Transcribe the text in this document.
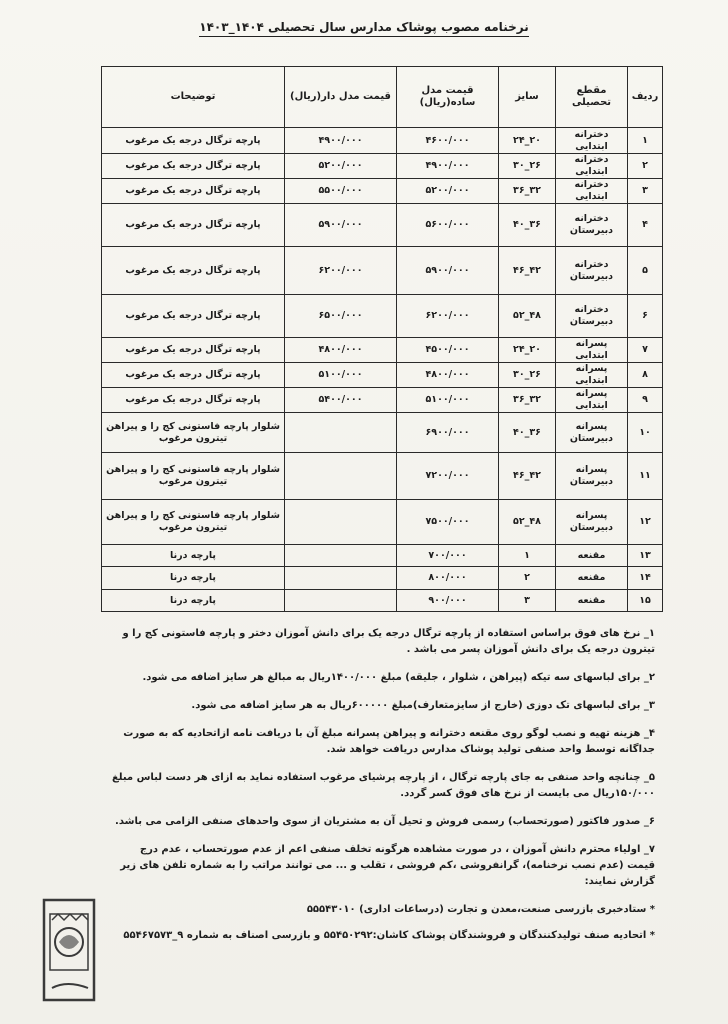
نرخنامه مصوب پوشاک مدارس سال تحصیلی ۱۴۰۴_۱۴۰۳
ردیف	مقطع تحصیلی	سایز	قیمت مدل ساده(ریال)	قیمت مدل دار(ریال)	توضیحات
۱	دخترانه ابتدایی	۲۰_۲۴	۴۶۰۰/۰۰۰	۴۹۰۰/۰۰۰	پارچه ترگال درجه یک مرغوب
۲	دخترانه ابتدایی	۲۶_۳۰	۴۹۰۰/۰۰۰	۵۲۰۰/۰۰۰	پارچه ترگال درجه یک مرغوب
۳	دخترانه ابتدایی	۳۲_۳۶	۵۲۰۰/۰۰۰	۵۵۰۰/۰۰۰	پارچه ترگال درجه یک مرغوب
۴	دخترانه دبیرستان	۳۶_۴۰	۵۶۰۰/۰۰۰	۵۹۰۰/۰۰۰	پارچه ترگال درجه یک مرغوب
۵	دخترانه دبیرستان	۴۲_۴۶	۵۹۰۰/۰۰۰	۶۲۰۰/۰۰۰	پارچه ترگال درجه یک مرغوب
۶	دخترانه دبیرستان	۴۸_۵۲	۶۲۰۰/۰۰۰	۶۵۰۰/۰۰۰	پارچه ترگال درجه یک مرغوب
۷	پسرانه ابتدایی	۲۰_۲۴	۴۵۰۰/۰۰۰	۴۸۰۰/۰۰۰	پارچه ترگال درجه یک مرغوب
۸	پسرانه ابتدایی	۲۶_۳۰	۴۸۰۰/۰۰۰	۵۱۰۰/۰۰۰	پارچه ترگال درجه یک مرغوب
۹	پسرانه ابتدایی	۳۲_۳۶	۵۱۰۰/۰۰۰	۵۴۰۰/۰۰۰	پارچه ترگال درجه یک مرغوب
۱۰	پسرانه دبیرستان	۳۶_۴۰	۶۹۰۰/۰۰۰		شلوار پارچه فاستونی کج را و پیراهن تیترون مرغوب
۱۱	پسرانه دبیرستان	۴۲_۴۶	۷۲۰۰/۰۰۰		شلوار پارچه فاستونی کج را و پیراهن تیترون مرغوب
۱۲	پسرانه دبیرستان	۴۸_۵۲	۷۵۰۰/۰۰۰		شلوار پارچه فاستونی کج را و پیراهن تیترون مرغوب
۱۳	مقنعه	۱	۷۰۰/۰۰۰		پارچه درنا
۱۴	مقنعه	۲	۸۰۰/۰۰۰		پارچه درنا
۱۵	مقنعه	۳	۹۰۰/۰۰۰		پارچه درنا

۱_ نرخ های فوق براساس استفاده از پارچه ترگال درجه یک برای دانش آموزان دختر و پارچه فاستونی کج را و تیترون درجه یک برای دانش آموزان پسر می باشد .

۲_ برای لباسهای سه تیکه (پیراهن ، شلوار ، جلیقه) مبلغ ۱۴۰۰/۰۰۰ریال به مبالغ هر سایز اضافه می شود.

۳_ برای لباسهای تک دوزی (خارج از سایزمتعارف)مبلغ ۶۰۰۰۰۰ریال به هر سایز اضافه می شود.

۴_ هزینه تهیه و نصب لوگو روی مقنعه دخترانه و پیراهن پسرانه مبلغ آن با دریافت نامه ازاتحادیه که به صورت جداگانه توسط واحد صنفی تولید پوشاک مدارس دریافت خواهد شد.

۵_ چنانچه واحد صنفی به جای پارچه ترگال ، از پارچه پرشیای مرغوب استفاده نماید به ازای هر دست لباس مبلغ ۱۵۰/۰۰۰ریال می بایست از نرخ های فوق کسر گردد.

۶_ صدور فاکتور (صورتحساب) رسمی فروش و تحیل آن به مشتریان از سوی واحدهای صنفی الزامی می باشد.

۷_ اولیاء محترم دانش آموزان ، در صورت مشاهده هرگونه تخلف صنفی اعم از عدم صورتحساب ، عدم درج قیمت (عدم نصب نرخنامه)، گرانفروشی ،کم فروشی ، تقلب و ... می توانند مراتب را به شماره تلفن های زیر گزارش نمایند:

* ستادخبری بازرسی صنعت،معدن و تجارت (درساعات اداری) ۵۵۵۴۳۰۱۰

* اتحادیه صنف تولیدکنندگان و فروشندگان پوشاک کاشان:۵۵۴۵۰۲۹۲ و بازرسی اصناف به شماره ۹_۵۵۴۶۷۵۷۳
